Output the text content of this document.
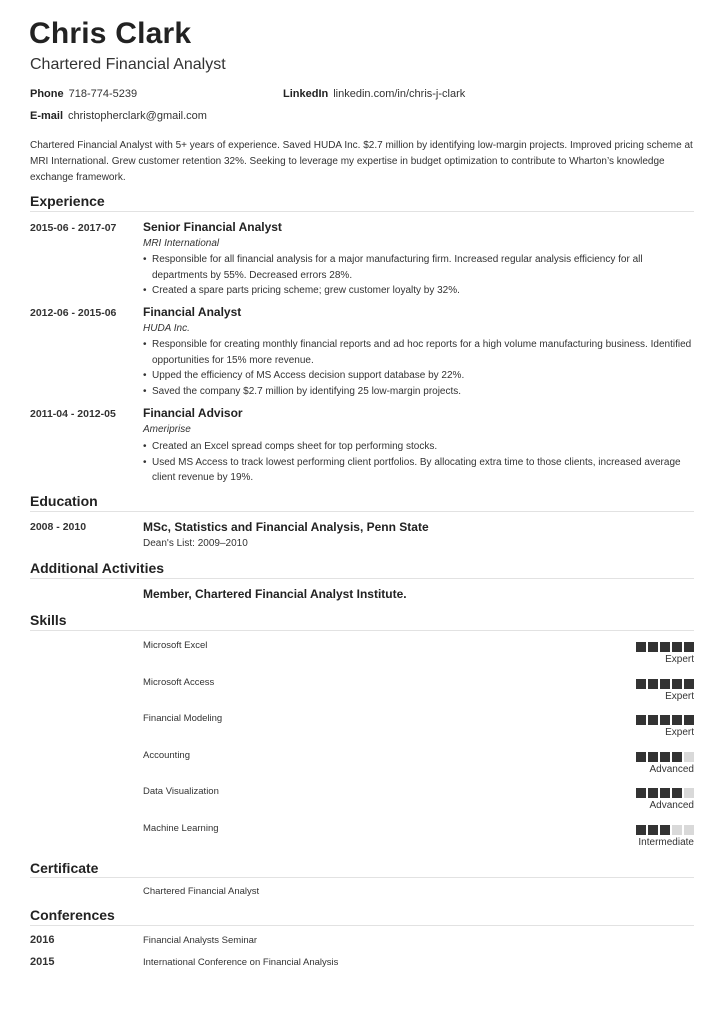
Chris Clark
Chartered Financial Analyst
Phone 718-774-5239	LinkedIn linkedin.com/in/chris-j-clark
E-mail christopherclark@gmail.com
Chartered Financial Analyst with 5+ years of experience. Saved HUDA Inc. $2.7 million by identifying low-margin projects. Improved pricing scheme at MRI International. Grew customer retention 32%. Seeking to leverage my expertise in budget optimization to contribute to Wharton’s knowledge exchange framework.
Experience
2015-06 - 2017-07 Senior Financial Analyst
MRI International
• Responsible for all financial analysis for a major manufacturing firm. Increased regular analysis efficiency for all departments by 55%. Decreased errors 28%.
• Created a spare parts pricing scheme; grew customer loyalty by 32%.
2012-06 - 2015-06 Financial Analyst
HUDA Inc.
• Responsible for creating monthly financial reports and ad hoc reports for a high volume manufacturing business. Identified opportunities for 15% more revenue.
• Upped the efficiency of MS Access decision support database by 22%.
• Saved the company $2.7 million by identifying 25 low-margin projects.
2011-04 - 2012-05 Financial Advisor
Ameriprise
• Created an Excel spread comps sheet for top performing stocks.
• Used MS Access to track lowest performing client portfolios. By allocating extra time to those clients, increased average client revenue by 19%.
Education
2008 - 2010	MSc, Statistics and Financial Analysis, Penn State
Dean's List: 2009–2010
Additional Activities
Member, Chartered Financial Analyst Institute.
Skills
Microsoft Excel
Expert
Microsoft Access
Expert
Financial Modeling
Expert
Accounting
Advanced
Data Visualization
Advanced
Machine Learning
Intermediate
Certificate
Chartered Financial Analyst
Conferences
2016	Financial Analysts Seminar
2015	International Conference on Financial Analysis
